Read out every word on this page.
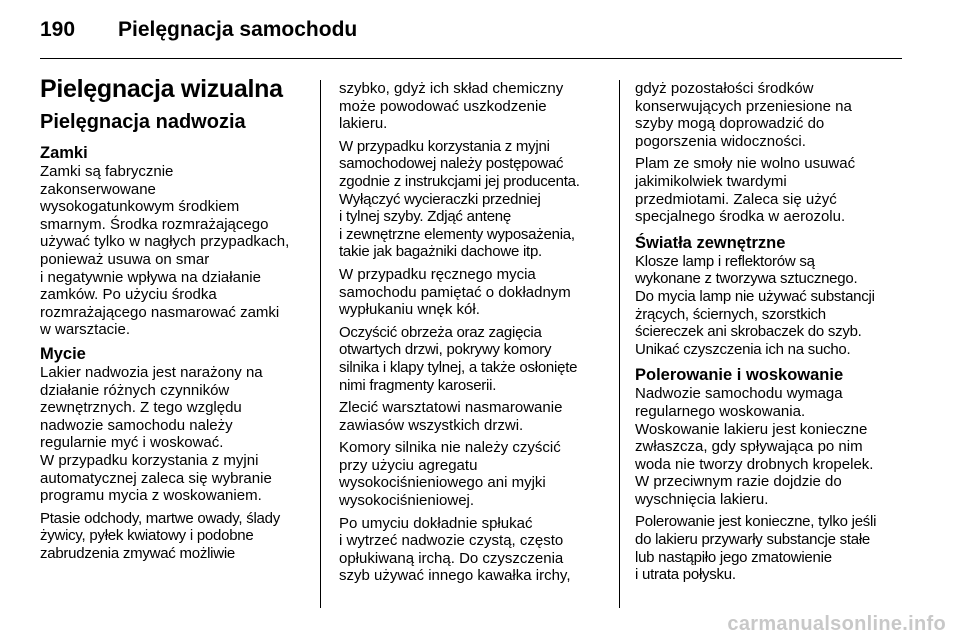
190 Pielęgnacja samochodu
Pielęgnacja wizualna
Pielęgnacja nadwozia
Zamki
Zamki są fabrycznie
zakonserwowane
wysokogatunkowym środkiem
smarnym. Środka rozmrażającego
używać tylko w nagłych przypadkach,
ponieważ usuwa on smar
i negatywnie wpływa na działanie
zamków. Po użyciu środka
rozmrażającego nasmarować zamki
w warsztacie.
Mycie
Lakier nadwozia jest narażony na
działanie różnych czynników
zewnętrznych. Z tego względu
nadwozie samochodu należy
regularnie myć i woskować.
W przypadku korzystania z myjni
automatycznej zaleca się wybranie
programu mycia z woskowaniem.
Ptasie odchody, martwe owady, ślady
żywicy, pyłek kwiatowy i podobne
zabrudzenia zmywać możliwie
szybko, gdyż ich skład chemiczny
może powodować uszkodzenie
lakieru.
W przypadku korzystania z myjni
samochodowej należy postępować
zgodnie z instrukcjami jej producenta.
Wyłączyć wycieraczki przedniej
i tylnej szyby. Zdjąć antenę
i zewnętrzne elementy wyposażenia,
takie jak bagażniki dachowe itp.
W przypadku ręcznego mycia
samochodu pamiętać o dokładnym
wypłukaniu wnęk kół.
Oczyścić obrzeża oraz zagięcia
otwartych drzwi, pokrywy komory
silnika i klapy tylnej, a także osłonięte
nimi fragmenty karoserii.
Zlecić warsztatowi nasmarowanie
zawiasów wszystkich drzwi.
Komory silnika nie należy czyścić
przy użyciu agregatu
wysokociśnieniowego ani myjki
wysokociśnieniowej.
Po umyciu dokładnie spłukać
i wytrzeć nadwozie czystą, często
opłukiwaną irchą. Do czyszczenia
szyb używać innego kawałka irchy,
gdyż pozostałości środków
konserwujących przeniesione na
szyby mogą doprowadzić do
pogorszenia widoczności.
Plam ze smoły nie wolno usuwać
jakimikolwiek twardymi
przedmiotami. Zaleca się użyć
specjalnego środka w aerozolu.
Światła zewnętrzne
Klosze lamp i reflektorów są
wykonane z tworzywa sztucznego.
Do mycia lamp nie używać substancji
żrących, ściernych, szorstkich
ściereczek ani skrobaczek do szyb.
Unikać czyszczenia ich na sucho.
Polerowanie i woskowanie
Nadwozie samochodu wymaga
regularnego woskowania.
Woskowanie lakieru jest konieczne
zwłaszcza, gdy spływająca po nim
woda nie tworzy drobnych kropelek.
W przeciwnym razie dojdzie do
wyschnięcia lakieru.
Polerowanie jest konieczne, tylko jeśli
do lakieru przywarły substancje stałe
lub nastąpiło jego zmatowienie
i utrata połysku.
carmanualsonline.info
